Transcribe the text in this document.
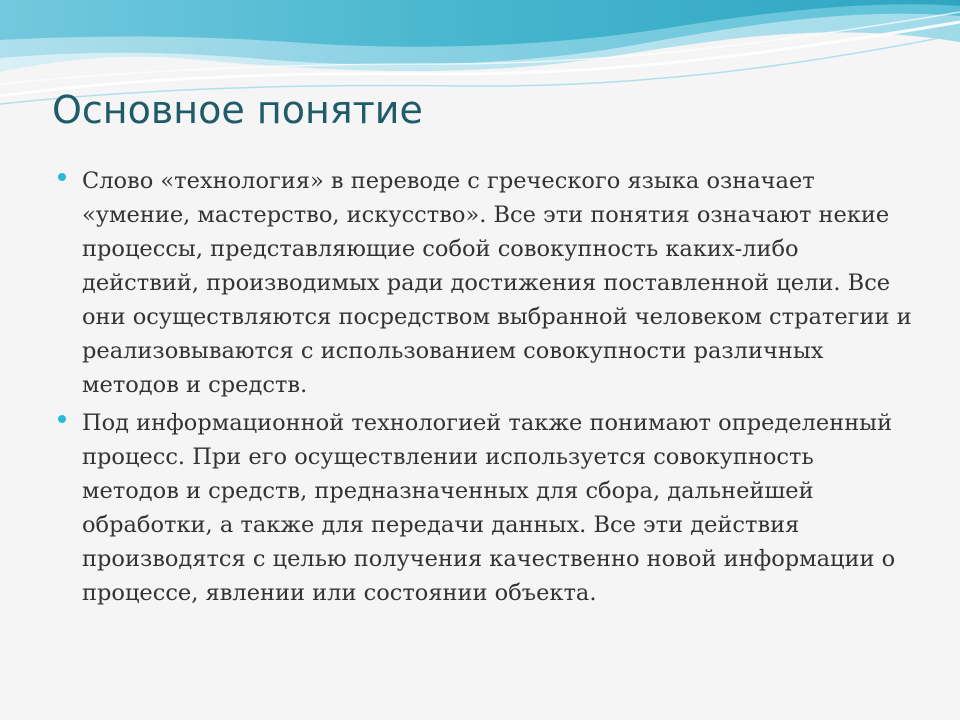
Основное понятие
Слово «технология» в переводе с греческого языка означает «умение, мастерство, искусство». Все эти понятия означают некие процессы, представляющие собой совокупность каких-либо действий, производимых ради достижения поставленной цели. Все они осуществляются посредством выбранной человеком стратегии и реализовываются с использованием совокупности различных методов и средств.
Под информационной технологией также понимают определенный процесс. При его осуществлении используется совокупность методов и средств, предназначенных для сбора, дальнейшей обработки, а также для передачи данных. Все эти действия производятся с целью получения качественно новой информации о процессе, явлении или состоянии объекта.
